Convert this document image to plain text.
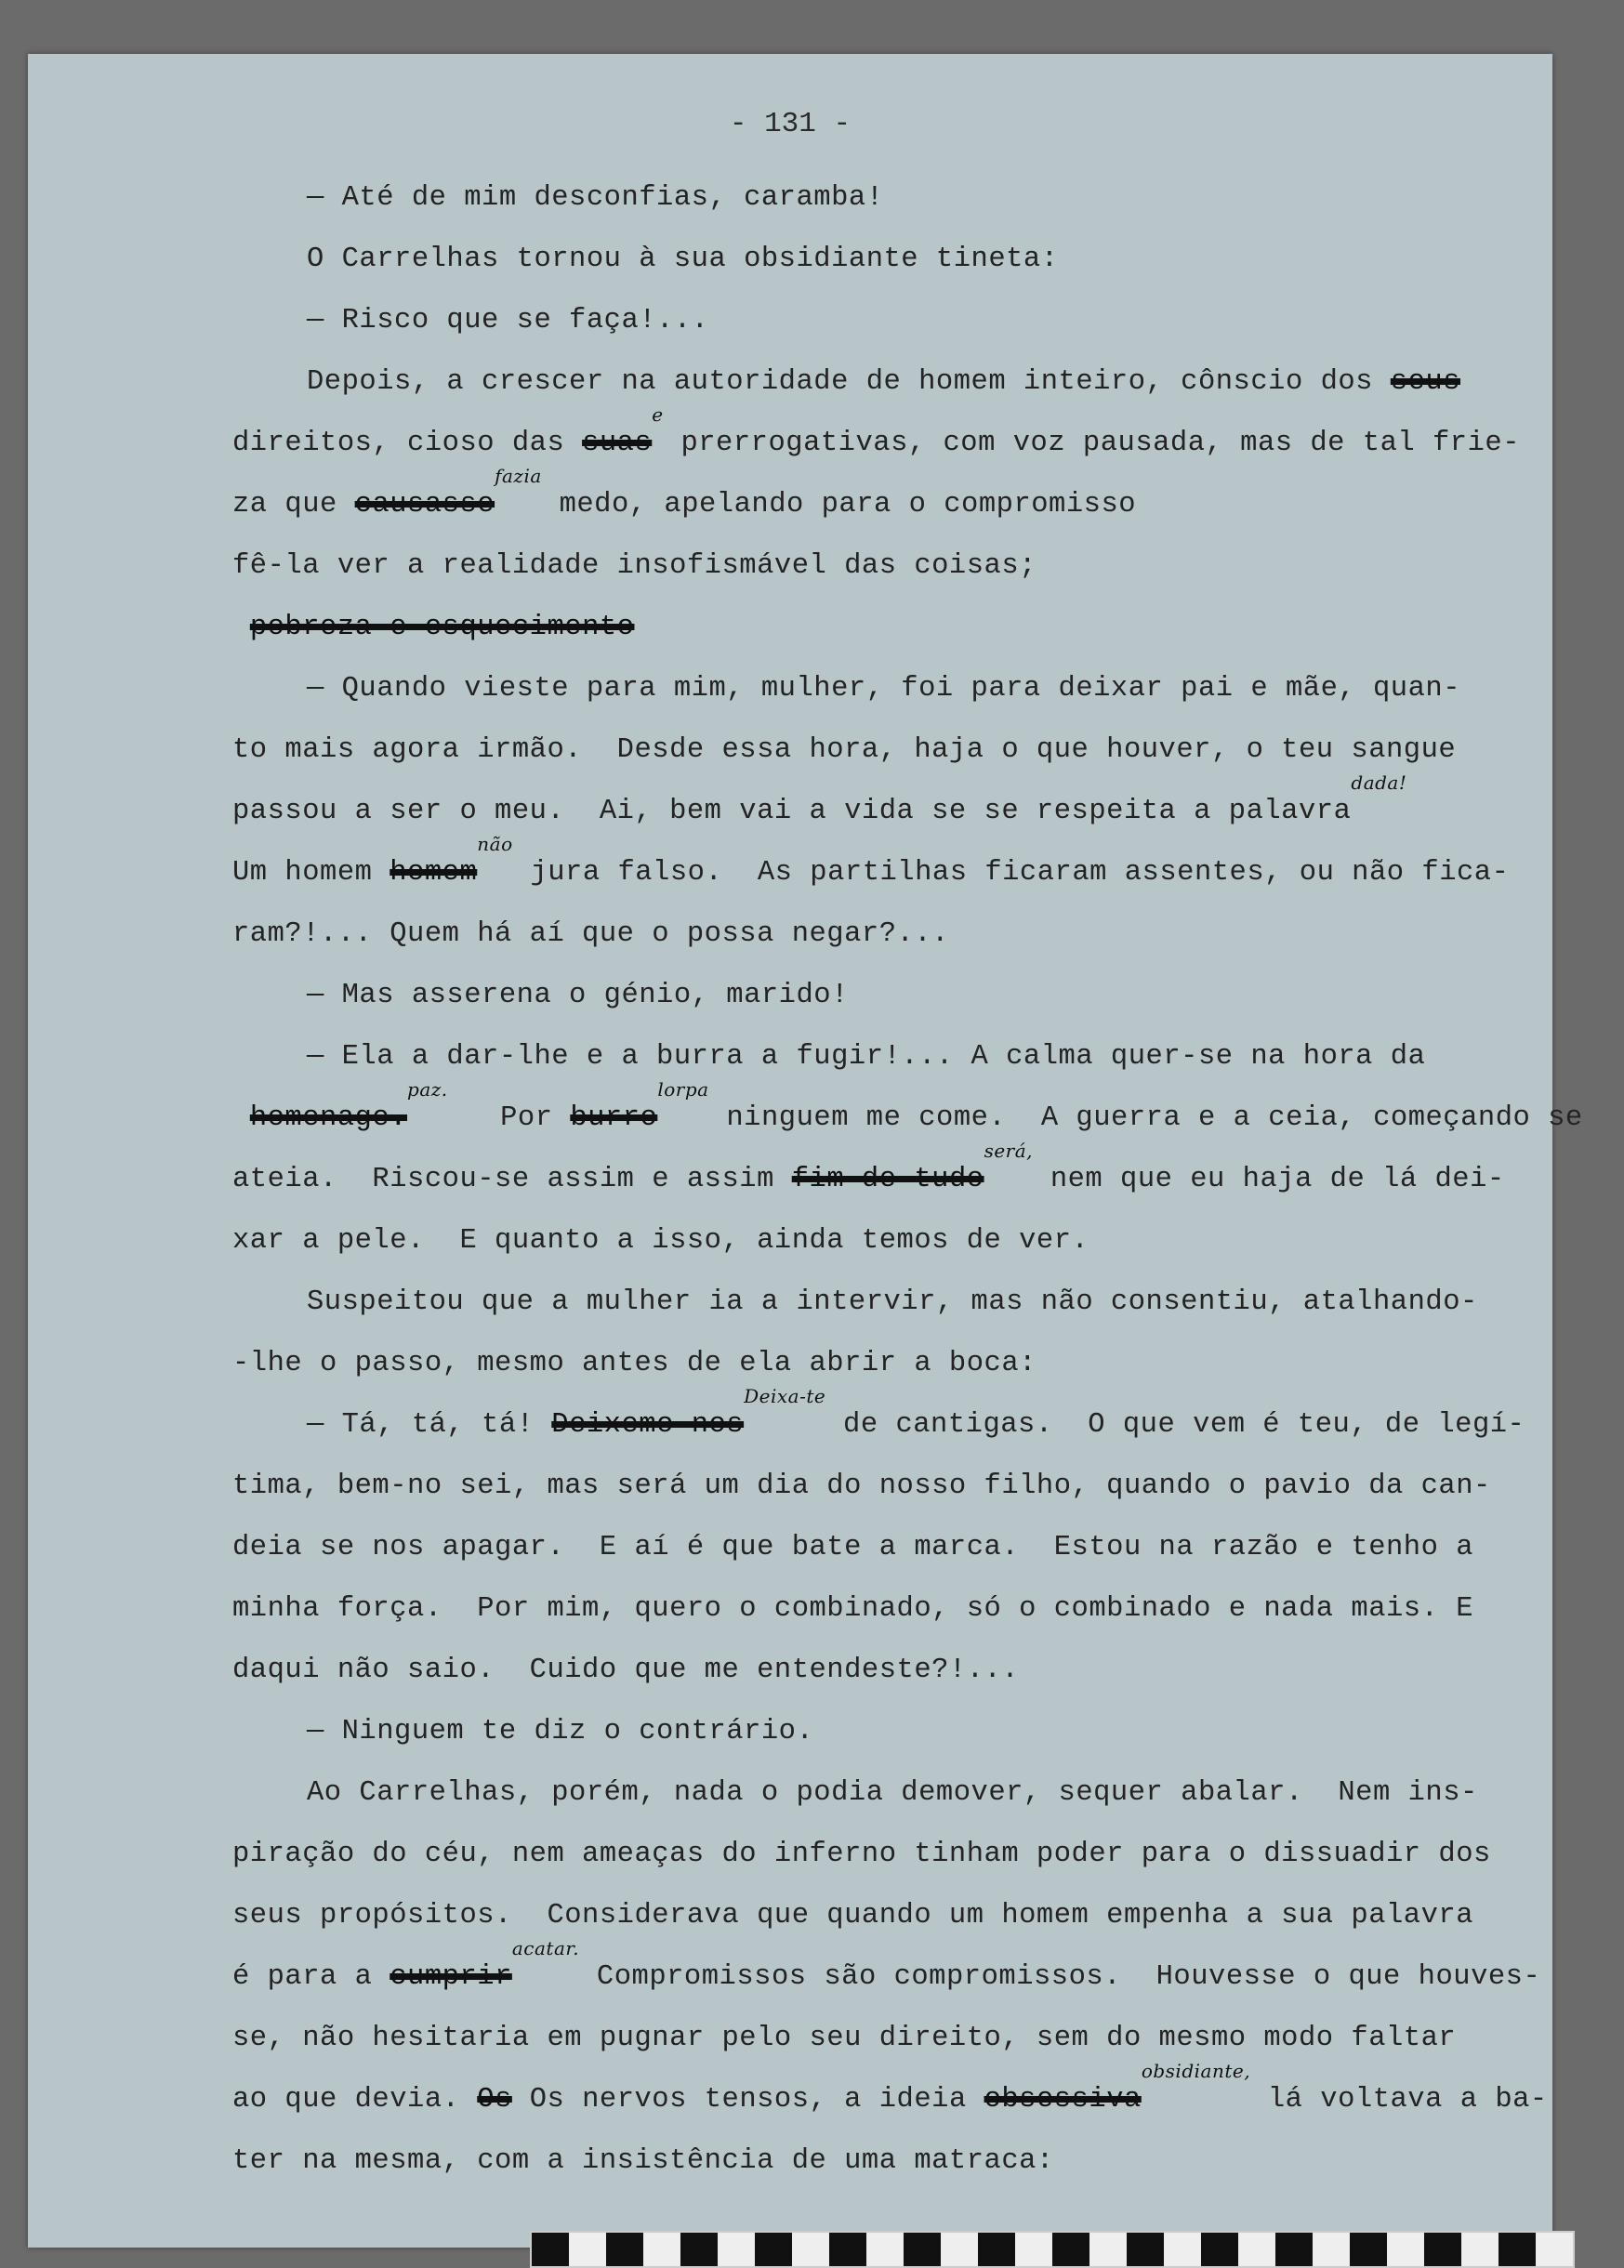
- 131 -
— Até de mim desconfias, caramba!
O Carrelhas tornou à sua obsidiante tineta:
— Risco que se faça!...
Depois, a crescer na autoridade de homem inteiro, cônscio dos seus
direitos, cioso das suase prerrogativas, com voz pausada, mas de tal frie-
za que causassefazia medo, apelando para o compromisso
fê-la ver a realidade insofismável das coisas;
pobreza e esquecimento
— Quando vieste para mim, mulher, foi para deixar pai e mãe, quan-
to mais agora irmão.  Desde essa hora, haja o que houver, o teu sangue
passou a ser o meu.  Ai, bem vai a vida se se respeita a palavradada!
Um homem homemnão jura falso.  As partilhas ficaram assentes, ou não fica-
ram?!... Quem há aí que o possa negar?...
— Mas asserena o génio, marido!
— Ela a dar-lhe e a burra a fugir!... A calma quer-se na hora da
homenage.paz.   Por burrolorpa ninguem me come.  A guerra e a ceia, começando se
ateia.  Riscou-se assim e assim fim de tudoserá, nem que eu haja de lá dei-
xar a pele.  E quanto a isso, ainda temos de ver.
Suspeitou que a mulher ia a intervir, mas não consentiu, atalhando-
-lhe o passo, mesmo antes de ela abrir a boca:
— Tá, tá, tá! Deixemo-nosDeixa-te de cantigas.  O que vem é teu, de legí-
tima, bem-no sei, mas será um dia do nosso filho, quando o pavio da can-
deia se nos apagar.  E aí é que bate a marca.  Estou na razão e tenho a
minha força.  Por mim, quero o combinado, só o combinado e nada mais. E
daqui não saio.  Cuido que me entendeste?!...
— Ninguem te diz o contrário.
Ao Carrelhas, porém, nada o podia demover, sequer abalar.  Nem ins-
piração do céu, nem ameaças do inferno tinham poder para o dissuadir dos
seus propósitos.  Considerava que quando um homem empenha a sua palavra
é para a cumpriracatar. Compromissos são compromissos.  Houvesse o que houves-
se, não hesitaria em pugnar pelo seu direito, sem do mesmo modo faltar
ao que devia. Os Os nervos tensos, a ideia obsessivaobsidiante, lá voltava a ba-
ter na mesma, com a insistência de uma matraca:
